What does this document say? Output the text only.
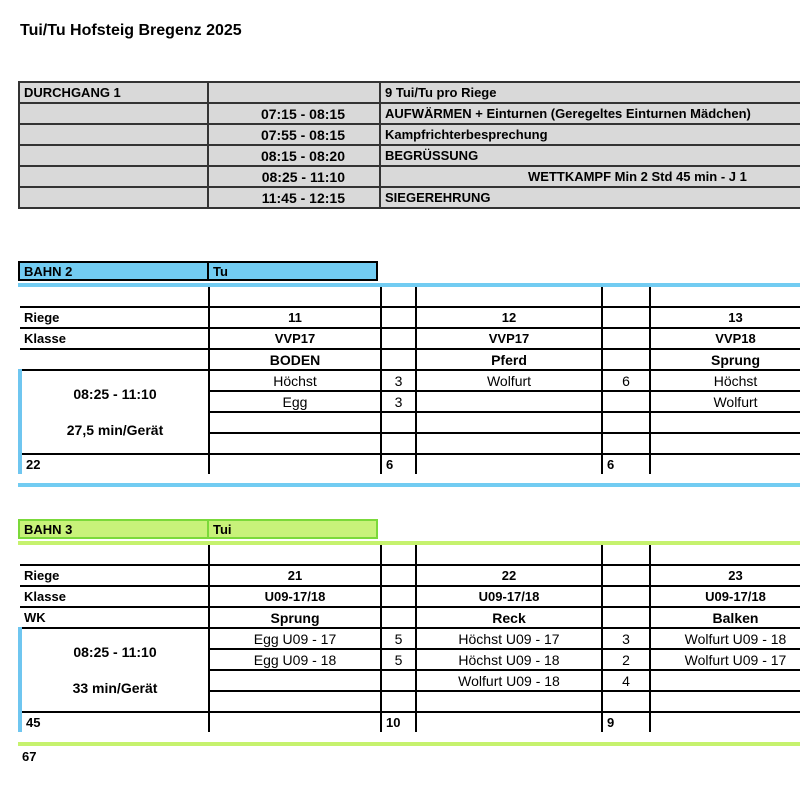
Tui/Tu Hofsteig Bregenz 2025
DURCHGANG 1		9 Tui/Tu pro Riege
	07:15 - 08:15	AUFWÄRMEN + Einturnen (Geregeltes Einturnen Mädchen)
	07:55 - 08:15	Kampfrichterbesprechung
	08:15 - 08:20	BEGRÜSSUNG
	08:25 - 11:10	WETTKAMPF Min 2 Std 45 min - J 1
	11:45 - 12:15	SIEGEREHRUNG
BAHN 2	Tu

Riege	11		12		13
Klasse	VVP17		VVP17		VVP18
	BODEN		Pferd		Sprung

08:25 - 11:10
27,5 min/Gerät	Höchst	3	Wolfurt	6	Höchst
	Egg	3			Wolfurt

22		6		6	
BAHN 3	Tui

Riege	21		22		23
Klasse	U09-17/18		U09-17/18		U09-17/18
WK	Sprung		Reck		Balken

08:25 - 11:10
33 min/Gerät	Egg U09 - 17	5	Höchst U09 - 17	3	Wolfurt U09 - 18
	Egg U09 - 18	5	Höchst U09 - 18	2	Wolfurt U09 - 17
			Wolfurt U09 - 18	4	

45		10		9	
67
